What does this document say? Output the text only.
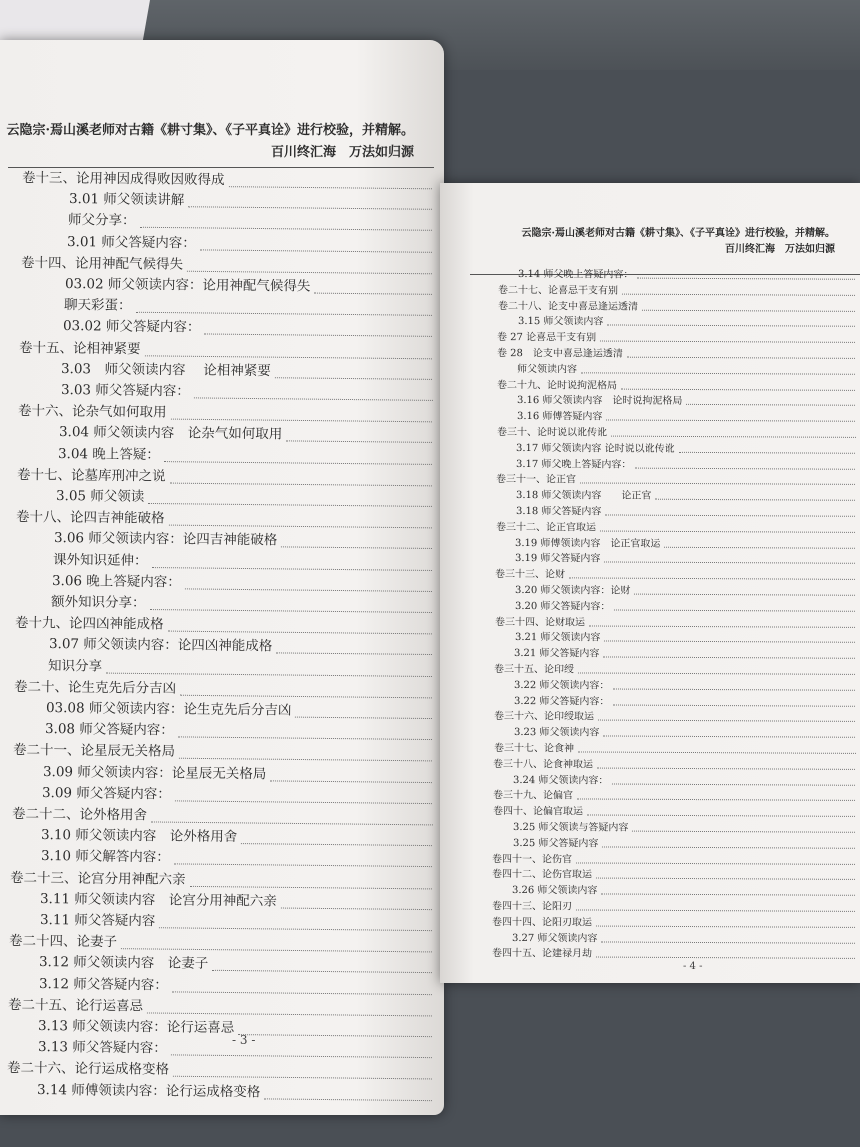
云隐宗·焉山溪老师对古籍《耕寸集》、《子平真诠》进行校验，并精解。
百川终汇海　万法如归源
卷十三、论用神因成得败因败得成
3.01 师父领读讲解
师父分享：
3.01 师父答疑内容：
卷十四、论用神配气候得失
03.02 师父领读内容：论用神配气候得失
聊天彩蛋：
03.02 师父答疑内容：
卷十五、论相神紧要
3.03　师父领读内容　 论相神紧要
3.03 师父答疑内容：
卷十六、论杂气如何取用
3.04 师父领读内容　论杂气如何取用
3.04 晚上答疑：
卷十七、论墓库刑冲之说
3.05 师父领读
卷十八、论四吉神能破格
3.06 师父领读内容：论四吉神能破格
课外知识延伸：
3.06 晚上答疑内容：
额外知识分享：
卷十九、论四凶神能成格
3.07 师父领读内容：论四凶神能成格
知识分享
卷二十、论生克先后分吉凶
03.08 师父领读内容：论生克先后分吉凶
3.08 师父答疑内容：
卷二十一、论星辰无关格局
3.09 师父领读内容：论星辰无关格局
3.09 师父答疑内容：
卷二十二、论外格用舍
3.10 师父领读内容　论外格用舍
3.10 师父解答内容：
卷二十三、论宫分用神配六亲
3.11 师父领读内容　论宫分用神配六亲
3.11 师父答疑内容
卷二十四、论妻子
3.12 师父领读内容　论妻子
3.12 师父答疑内容：
卷二十五、论行运喜忌
3.13 师父领读内容：论行运喜忌
3.13 师父答疑内容：
卷二十六、论行运成格变格
3.14 师傅领读内容：论行运成格变格
- 3 -
云隐宗·焉山溪老师对古籍《耕寸集》、《子平真诠》进行校验，并精解。
百川终汇海　万法如归源
3.14 师父晚上答疑内容：
卷二十七、论喜忌干支有别
卷二十八、论支中喜忌逢运透清
3.15 师父领读内容
卷 27 论喜忌干支有别
卷 28　论支中喜忌逢运透清
师父领读内容
卷二十九、论时说拘泥格局
3.16 师父领读内容　论时说拘泥格局
3.16 师傅答疑内容
卷三十、论时说以讹传讹
3.17 师父领读内容 论时说以讹传讹
3.17 师父晚上答疑内容：
卷三十一、论正官
3.18 师父领读内容　　论正官
3.18 师父答疑内容
卷三十二、论正官取运
3.19 师傅领读内容　论正官取运
3.19 师父答疑内容
卷三十三、论财
3.20 师父领读内容：论财
3.20 师父答疑内容：
卷三十四、论财取运
3.21 师父领读内容
3.21 师父答疑内容
卷三十五、论印绶
3.22 师父领读内容：
3.22 师父答疑内容：
卷三十六、论印绶取运
3.23 师父领读内容
卷三十七、论食神
卷三十八、论食神取运
3.24 师父领读内容：
卷三十九、论偏官
卷四十、论偏官取运
3.25 师父领读与答疑内容
3.25 师父答疑内容
卷四十一、论伤官
卷四十二、论伤官取运
3.26 师父领读内容
卷四十三、论阳刃
卷四十四、论阳刃取运
3.27 师父领读内容
卷四十五、论建禄月劫
- 4 -
